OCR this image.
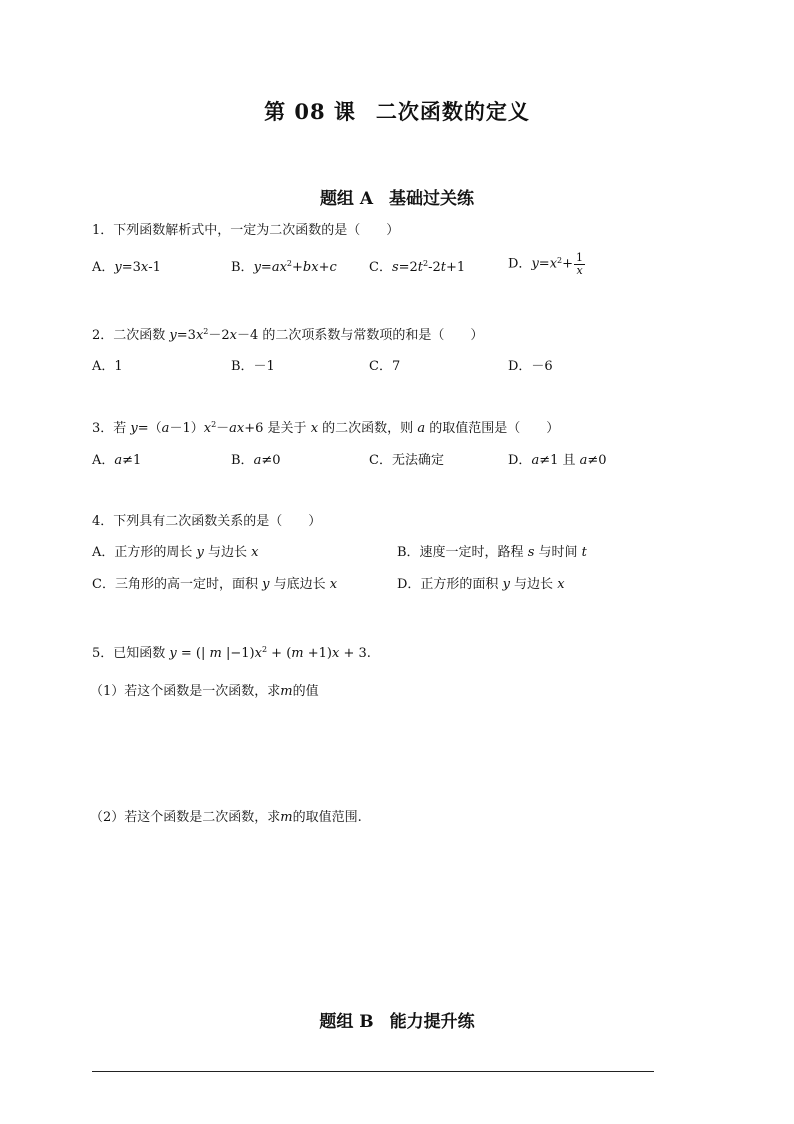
第 08 课 二次函数的定义
题组 A 基础过关练
1．下列函数解析式中，一定为二次函数的是（　　）
A．y=3x-1	B．$y=ax^2+bx+c$ C．$s=2t^2-2t+1$	D．$y=x^2+ \frac{1}{x}$
2．二次函数 $y=3x^2-2x-4$ 的二次项系数与常数项的和是（　　）
A．1	B．－1	C．7	D．－6
3．若 $y=(a-1)x^2-ax+6$ 是关于 x 的二次函数，则 a 的取值范围是（　　）
A．a≠1	B．a≠0	C．无法确定	D．a≠1 且 a≠0
4．下列具有二次函数关系的是（　　）
A．正方形的周长 y 与边长 x	B．速度一定时，路程 s 与时间 t
C．三角形的高一定时，面积 y 与底边长 x	D．正方形的面积 y 与边长 x
5．已知函数 y = (| m $|-1)x^2 + (m +1)x + 3$.
（1）若这个函数是一次函数，求m的值
（2）若这个函数是二次函数，求m的取值范围.
题组 B 能力提升练
